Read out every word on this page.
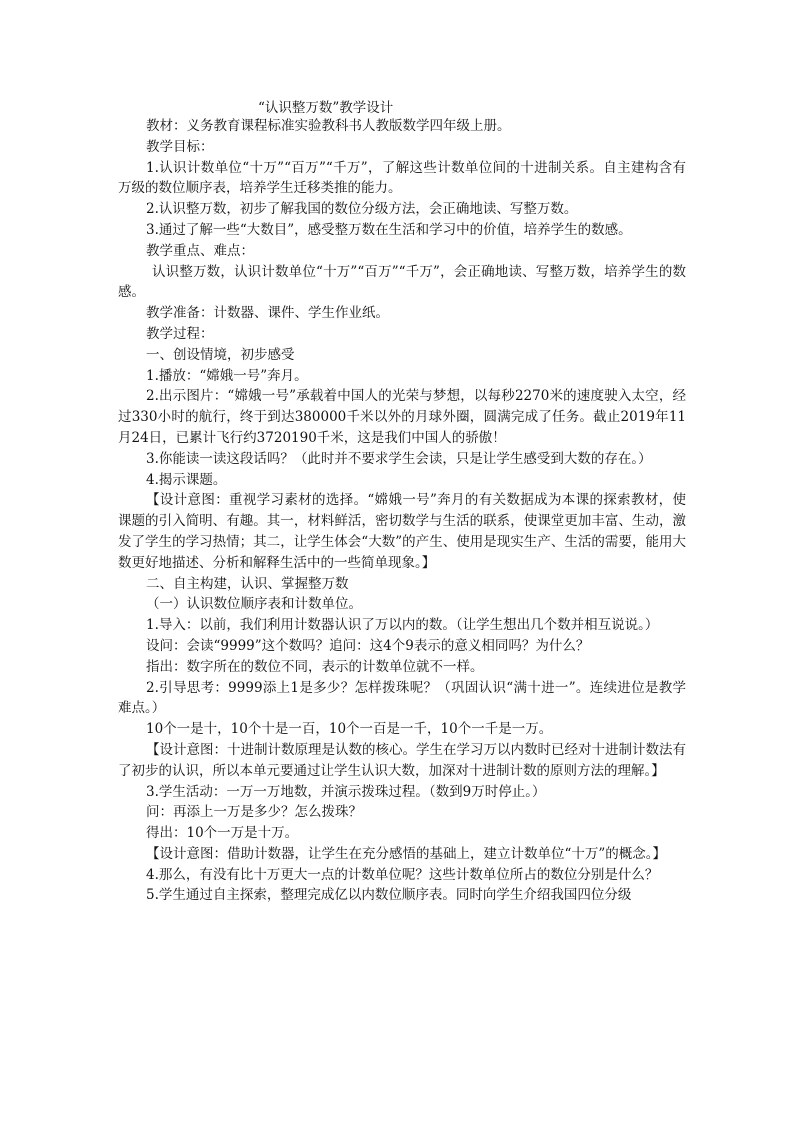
“认识整万数”教学设计

教材：义务教育课程标准实验教科书人教版数学四年级上册。

教学目标：

1.认识计数单位“十万”“百万”“千万”，了解这些计数单位间的十进制关系。自主建构含有万级的数位顺序表，培养学生迁移类推的能力。

2.认识整万数，初步了解我国的数位分级方法，会正确地读、写整万数。

3.通过了解一些“大数目”，感受整万数在生活和学习中的价值，培养学生的数感。

教学重点、难点：

认识整万数，认识计数单位“十万”“百万”“千万”，会正确地读、写整万数，培养学生的数感。

教学准备：计数器、课件、学生作业纸。

教学过程：

一、创设情境，初步感受

1.播放：“嫦娥一号”奔月。

2.出示图片：“嫦娥一号”承载着中国人的光荣与梦想，以每秒2270米的速度驶入太空，经过330小时的航行，终于到达380000千米以外的月球外圈，圆满完成了任务。截止2019年11月24日，已累计飞行约3720190千米，这是我们中国人的骄傲！

3.你能读一读这段话吗？（此时并不要求学生会读，只是让学生感受到大数的存在。）

4.揭示课题。

【设计意图：重视学习素材的选择。“嫦娥一号”奔月的有关数据成为本课的探索教材，使课题的引入简明、有趣。其一，材料鲜活，密切数学与生活的联系，使课堂更加丰富、生动，激发了学生的学习热情；其二，让学生体会“大数”的产生、使用是现实生产、生活的需要，能用大数更好地描述、分析和解释生活中的一些简单现象。】

二、自主构建，认识、掌握整万数

（一）认识数位顺序表和计数单位。

1.导入：以前，我们利用计数器认识了万以内的数。（让学生想出几个数并相互说说。）

设问：会读“9999”这个数吗？追问：这4个9表示的意义相同吗？为什么？

指出：数字所在的数位不同，表示的计数单位就不一样。

2.引导思考：9999添上1是多少？怎样拨珠呢？（巩固认识“满十进一”。连续进位是教学难点。）

10个一是十，10个十是一百，10个一百是一千，10个一千是一万。

【设计意图：十进制计数原理是认数的核心。学生在学习万以内数时已经对十进制计数法有了初步的认识，所以本单元要通过让学生认识大数，加深对十进制计数的原则方法的理解。】

3.学生活动：一万一万地数，并演示拨珠过程。（数到9万时停止。）

问：再添上一万是多少？怎么拨珠？

得出：10个一万是十万。

【设计意图：借助计数器，让学生在充分感悟的基础上，建立计数单位“十万”的概念。】

4.那么，有没有比十万更大一点的计数单位呢？这些计数单位所占的数位分别是什么？

5.学生通过自主探索，整理完成亿以内数位顺序表。同时向学生介绍我国四位分级
